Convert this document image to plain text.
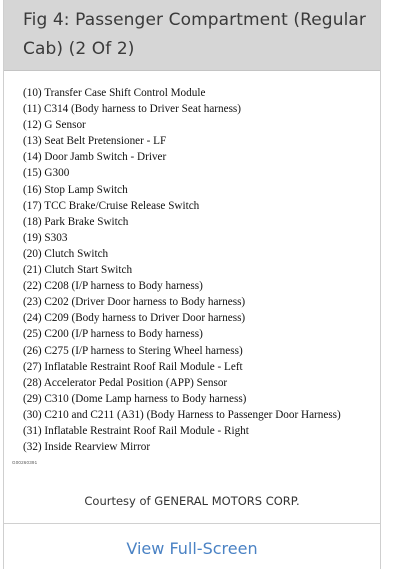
Fig 4: Passenger Compartment (Regular Cab) (2 Of 2)
(10) Transfer Case Shift Control Module
(11) C314 (Body harness to Driver Seat harness)
(12) G Sensor
(13) Seat Belt Pretensioner - LF
(14) Door Jamb Switch - Driver
(15) G300
(16) Stop Lamp Switch
(17) TCC Brake/Cruise Release Switch
(18) Park Brake Switch
(19) S303
(20) Clutch Switch
(21) Clutch Start Switch
(22) C208 (I/P harness to Body harness)
(23) C202 (Driver Door harness to Body harness)
(24) C209 (Body harness to Driver Door harness)
(25) C200 (I/P harness to Body harness)
(26) C275 (I/P harness to Stering Wheel harness)
(27) Inflatable Restraint Roof Rail Module - Left
(28) Accelerator Pedal Position (APP) Sensor
(29) C310 (Dome Lamp harness to Body harness)
(30) C210 and C211 (A31) (Body Harness to Passenger Door Harness)
(31) Inflatable Restraint Roof Rail Module - Right
(32) Inside Rearview Mirror
G00260391
Courtesy of GENERAL MOTORS CORP.
View Full-Screen
